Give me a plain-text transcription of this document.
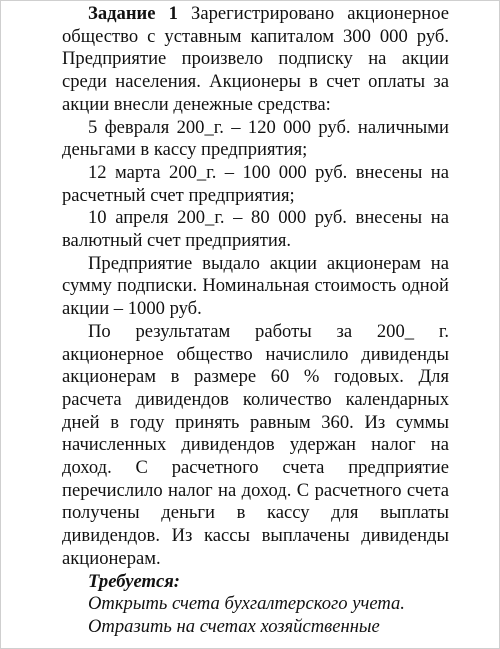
Задание 1 Зарегистрировано акционерное общество с уставным капиталом 300 000 руб. Предприятие произвело подписку на акции среди населения. Акционеры в счет оплаты за акции внесли денежные средства:

5 февраля 200_г. – 120 000 руб. наличными деньгами в кассу предприятия;

12 марта 200_г. – 100 000 руб. внесены на расчетный счет предприятия;

10 апреля 200_г. – 80 000 руб. внесены на валютный счет предприятия.

Предприятие выдало акции акционерам на сумму подписки. Номинальная стоимость одной акции – 1000 руб.

По результатам работы за 200_ г. акционерное общество начислило дивиденды акционерам в размере 60 % годовых. Для расчета дивидендов количество календарных дней в году принять равным 360. Из суммы начисленных дивидендов удержан налог на доход. С расчетного счета предприятие перечислило налог на доход. С расчетного счета получены деньги в кассу для выплаты дивидендов. Из кассы выплачены дивиденды акционерам.

Требуется:

Открыть счета бухгалтерского учета.

Отразить на счетах хозяйственные
